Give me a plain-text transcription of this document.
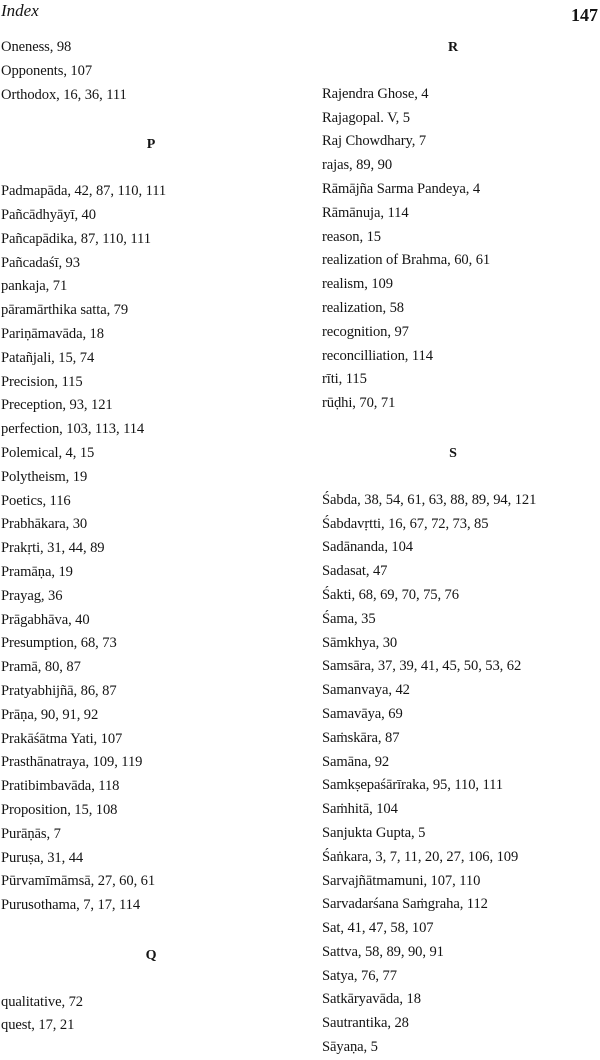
Index	147
Oneness, 98
Opponents, 107
Orthodox, 16, 36, 111
P
Padmapāda, 42, 87, 110, 111
Pañcādhyāyī, 40
Pañcapādika, 87, 110, 111
Pañcadaśī, 93
pankaja, 71
pāramārthika satta, 79
Pariṇāmavāda, 18
Patañjali, 15, 74
Precision, 115
Preception, 93, 121
perfection, 103, 113, 114
Polemical, 4, 15
Polytheism, 19
Poetics, 116
Prabhākara, 30
Prakṛti, 31, 44, 89
Pramāṇa, 19
Prayag, 36
Prāgabhāva, 40
Presumption, 68, 73
Pramā, 80, 87
Pratyabhijñā, 86, 87
Prāṇa, 90, 91, 92
Prakāśātma Yati, 107
Prasthānatraya, 109, 119
Pratibimbavāda, 118
Proposition, 15, 108
Purāṇās, 7
Puruṣa, 31, 44
Pūrvamīmāmsā, 27, 60, 61
Purusothama, 7, 17, 114
Q
qualitative, 72
quest, 17, 21
R
Rajendra Ghose, 4
Rajagopal. V, 5
Raj Chowdhary, 7
rajas, 89, 90
Rāmājña Sarma Pandeya, 4
Rāmānuja, 114
reason, 15
realization of Brahma, 60, 61
realism, 109
realization, 58
recognition, 97
reconcilliation, 114
rīti, 115
rūḍhi, 70, 71
S
Śabda, 38, 54, 61, 63, 88, 89, 94, 121
Śabdavṛtti, 16, 67, 72, 73, 85
Sadānanda, 104
Sadasat, 47
Śakti, 68, 69, 70, 75, 76
Śama, 35
Sāmkhya, 30
Samsāra, 37, 39, 41, 45, 50, 53, 62
Samanvaya, 42
Samavāya, 69
Saṁskāra, 87
Samāna, 92
Samkṣepaśārīraka, 95, 110, 111
Saṁhitā, 104
Sanjukta Gupta, 5
Śaṅkara, 3, 7, 11, 20, 27, 106, 109
Sarvajñātmamuni, 107, 110
Sarvadarśana Saṁgraha, 112
Sat, 41, 47, 58, 107
Sattva, 58, 89, 90, 91
Satya, 76, 77
Satkāryavāda, 18
Sautrantika, 28
Sāyaṇa, 5
